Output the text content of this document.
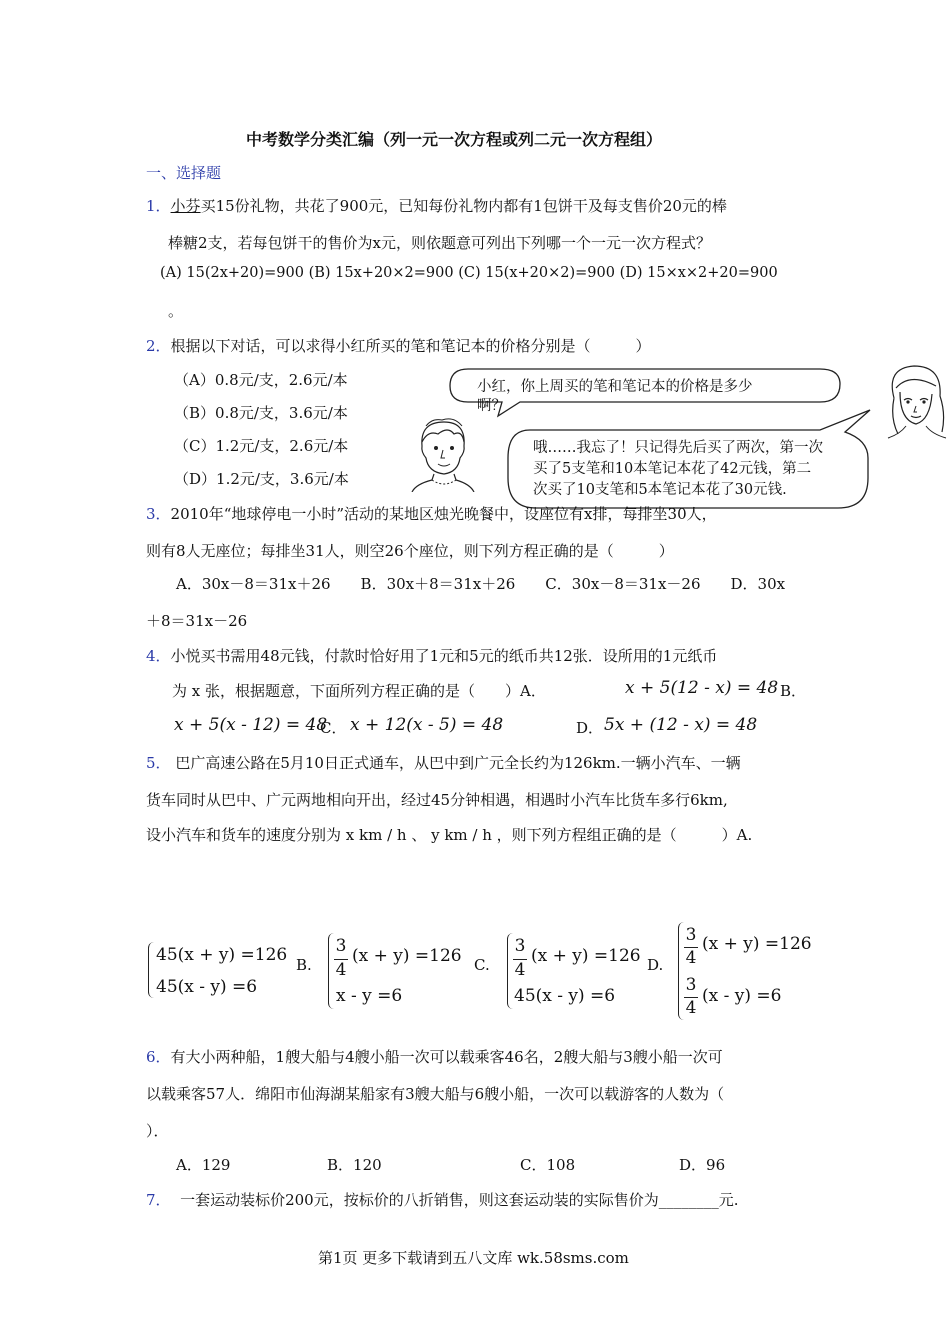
中考数学分类汇编（列一元一次方程或列二元一次方程组）
一、选择题
1．小芬买15份礼物，共花了900元，已知每份礼物内都有1包饼干及每支售价20元的棒
棒糖2支，若每包饼干的售价为x元，则依题意可列出下列哪一个一元一次方程式？
(A) 15(2x+20)=900 (B) 15x+20×2=900 (C) 15(x+20×2)=900 (D) 15×x×2+20=900
。
2．根据以下对话，可以求得小红所买的笔和笔记本的价格分别是（　　　）
（A）0.8元/支，2.6元/本
（B）0.8元/支，3.6元/本
（C）1.2元/支，2.6元/本
（D）1.2元/支，3.6元/本
小红，你上周买的笔和笔记本的价格是多少
啊？
哦……我忘了！只记得先后买了两次，第一次
买了5支笔和10本笔记本花了42元钱，第二
次买了10支笔和5本笔记本花了30元钱.
3．2010年“地球停电一小时”活动的某地区烛光晚餐中，设座位有x排，每排坐30人，
则有8人无座位；每排坐31人，则空26个座位，则下列方程正确的是（　　　）
A．30x－8＝31x＋26　　B．30x＋8＝31x＋26　　C．30x－8＝31x－26　　D．30x
＋8＝31x－26
4．小悦买书需用48元钱，付款时恰好用了1元和5元的纸币共12张．设所用的1元纸币
为 x 张，根据题意，下面所列方程正确的是（　　）A．	x + 5(12 - x) = 48 B．
x + 5(x - 12) = 48
C． x + 12(x - 5) = 48	D． 5x + (12 - x) = 48
5． 巴广高速公路在5月10日正式通车，从巴中到广元全长约为126km.一辆小汽车、一辆
货车同时从巴中、广元两地相向开出，经过45分钟相遇，相遇时小汽车比货车多行6km,
设小汽车和货车的速度分别为 x km / h 、 y km / h ，则下列方程组正确的是（　　　）A.
45(x + y) =126
45(x - y) =6
B.
3
4
(x + y) =126
x - y =6
C.
3
4
(x + y) =126
45(x - y) =6
D.
3
4
(x + y) =126
3
4
(x - y) =6
6．有大小两种船，1艘大船与4艘小船一次可以载乘客46名，2艘大船与3艘小船一次可
以载乘客57人．绵阳市仙海湖某船家有3艘大船与6艘小船，一次可以载游客的人数为（
）．
A．129	B．120	C．108	D．96
7． 一套运动装标价200元，按标价的八折销售，则这套运动装的实际售价为________元.
第1页 更多下载请到五八文库 wk.58sms.com
